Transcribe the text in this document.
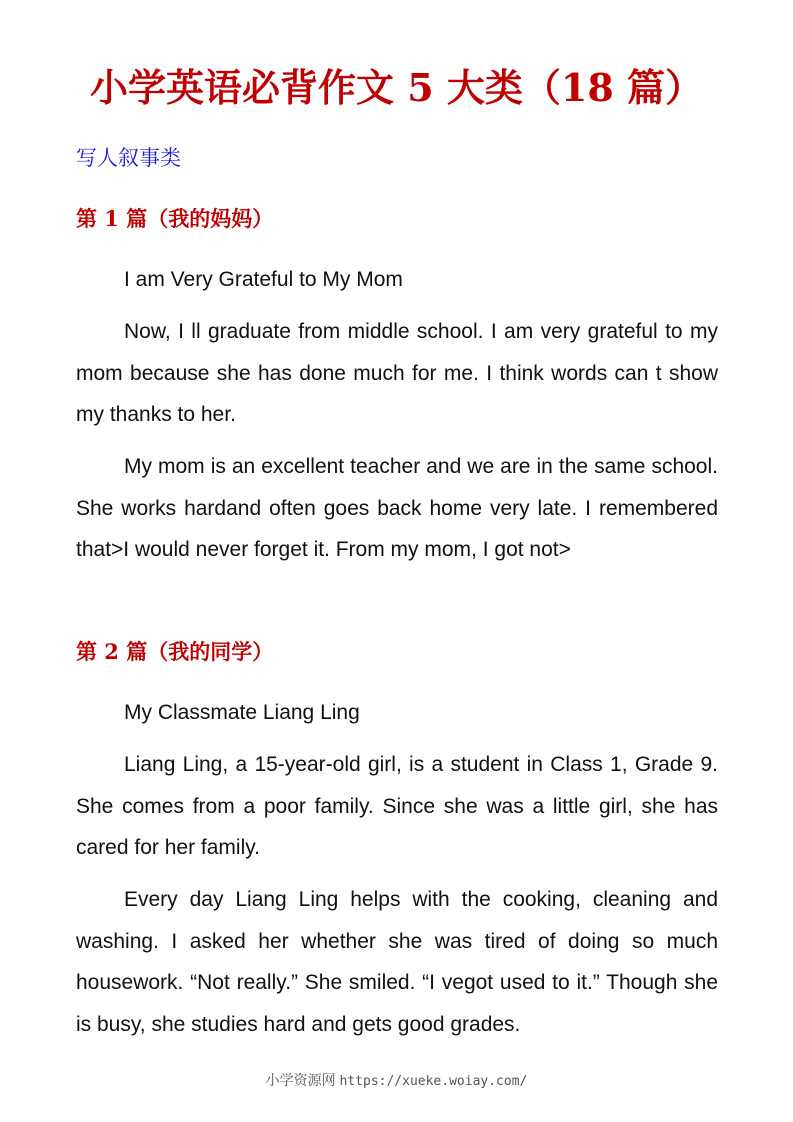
小学英语必背作文 5 大类（18 篇）
写人叙事类
第 1 篇（我的妈妈）
I am Very Grateful to My Mom

Now, I ll graduate from middle school. I am very grateful to my mom because she has done much for me. I think words can t show my thanks to her.

My mom is an excellent teacher and we are in the same school. She works hardand often goes back home very late. I remembered that>I would never forget it. From my mom, I got not>

第 2 篇（我的同学）
My Classmate Liang Ling

Liang Ling, a 15-year-old girl, is a student in Class 1, Grade 9. She comes from a poor family. Since she was a little girl, she has cared for her family.

Every day Liang Ling helps with the cooking, cleaning and washing. I asked her whether she was tired of doing so much housework. “Not really.” She smiled. “I vegot used to it.” Though she is busy, she studies hard and gets good grades.

小学资源网 https://xueke.woiay.com/
